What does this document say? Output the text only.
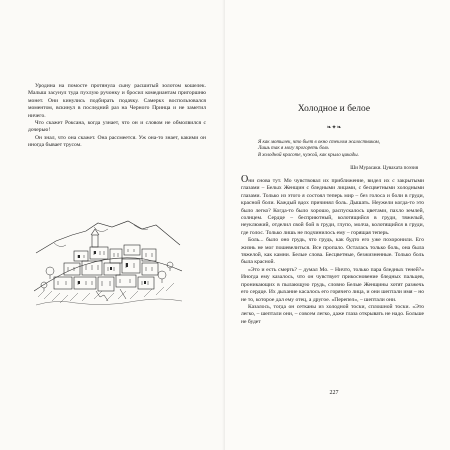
Уродина на помосте протянула сыну расшитый золотом кошелек. Малыш засунул туда пухлую ручонку и бросил комедиантам пригоршню монет. Они кинулись подбирать подачку. Самеркх воспользовался моментом, вскинул в последний раз на Черного Принца и не заметил ничего.

Что скажет Роксана, когда узнает, что он и словом не обмолвился с дочерью!

Он знал, что она скажет. Она рассмеется. Уж она-то знает, какими он иногда бывает трусом.

Холодное и белое
❧✦❧
Я как мотылек, что бьет в окно стеклом жалостником,
Лишь так я могу прогореть боль
В холодной красоте, чужой, как крыло цикады.
Ши Мурасаки. Цувахата поэзия

Они снова тут. Мо чувствовал их приближение, видел их с закрытыми глазами – Белых Женщин с бледными лицами, с бесцветными холодными глазами. Только из этого я состоял теперь мир – без голоса и боли в груди, красной боли. Каждый вдох причинял боль. Дышать. Неужели когда-то это было легко? Когда-то было хорошо, распускалось цветами, пахло землей, солнцем. Сердце – бесприютный, колотящийся в груди, тяжелый, неуклюжий, отделил свой бой в груди, глупо, молча, колотящийся в груди, где голос. Только лишь не подчинилось ему – горящая теперь.

Боль... было оно грудь, что грудь, как будто его уже похоронили. Его жизнь не мог пошевелиться. Все пропало. Осталась только боль, она была тяжелой, как камни. Белые слова. Бесцветные, безжизненные. Только боль была красной.

«Это и есть смерть? – думал Мо. – Ничто, только пара бледных теней?» Иногда ему казалось, что он чувствует прикосновение бледных пальцев, проникающих в пылающую грудь, словно Белые Женщины хотят разжечь его сердце. Их дыхание касалось его горячего лица, и они шептали имя – но не то, которое дал ему отец, а другое. «Перепел», – шептали они.

Казалось, тогда он сетканы из холодной тоски, сплошной тоски. «Это легко, – шептали они, – совсем легко, даже глаза открывать не надо. Больше не будет

227
